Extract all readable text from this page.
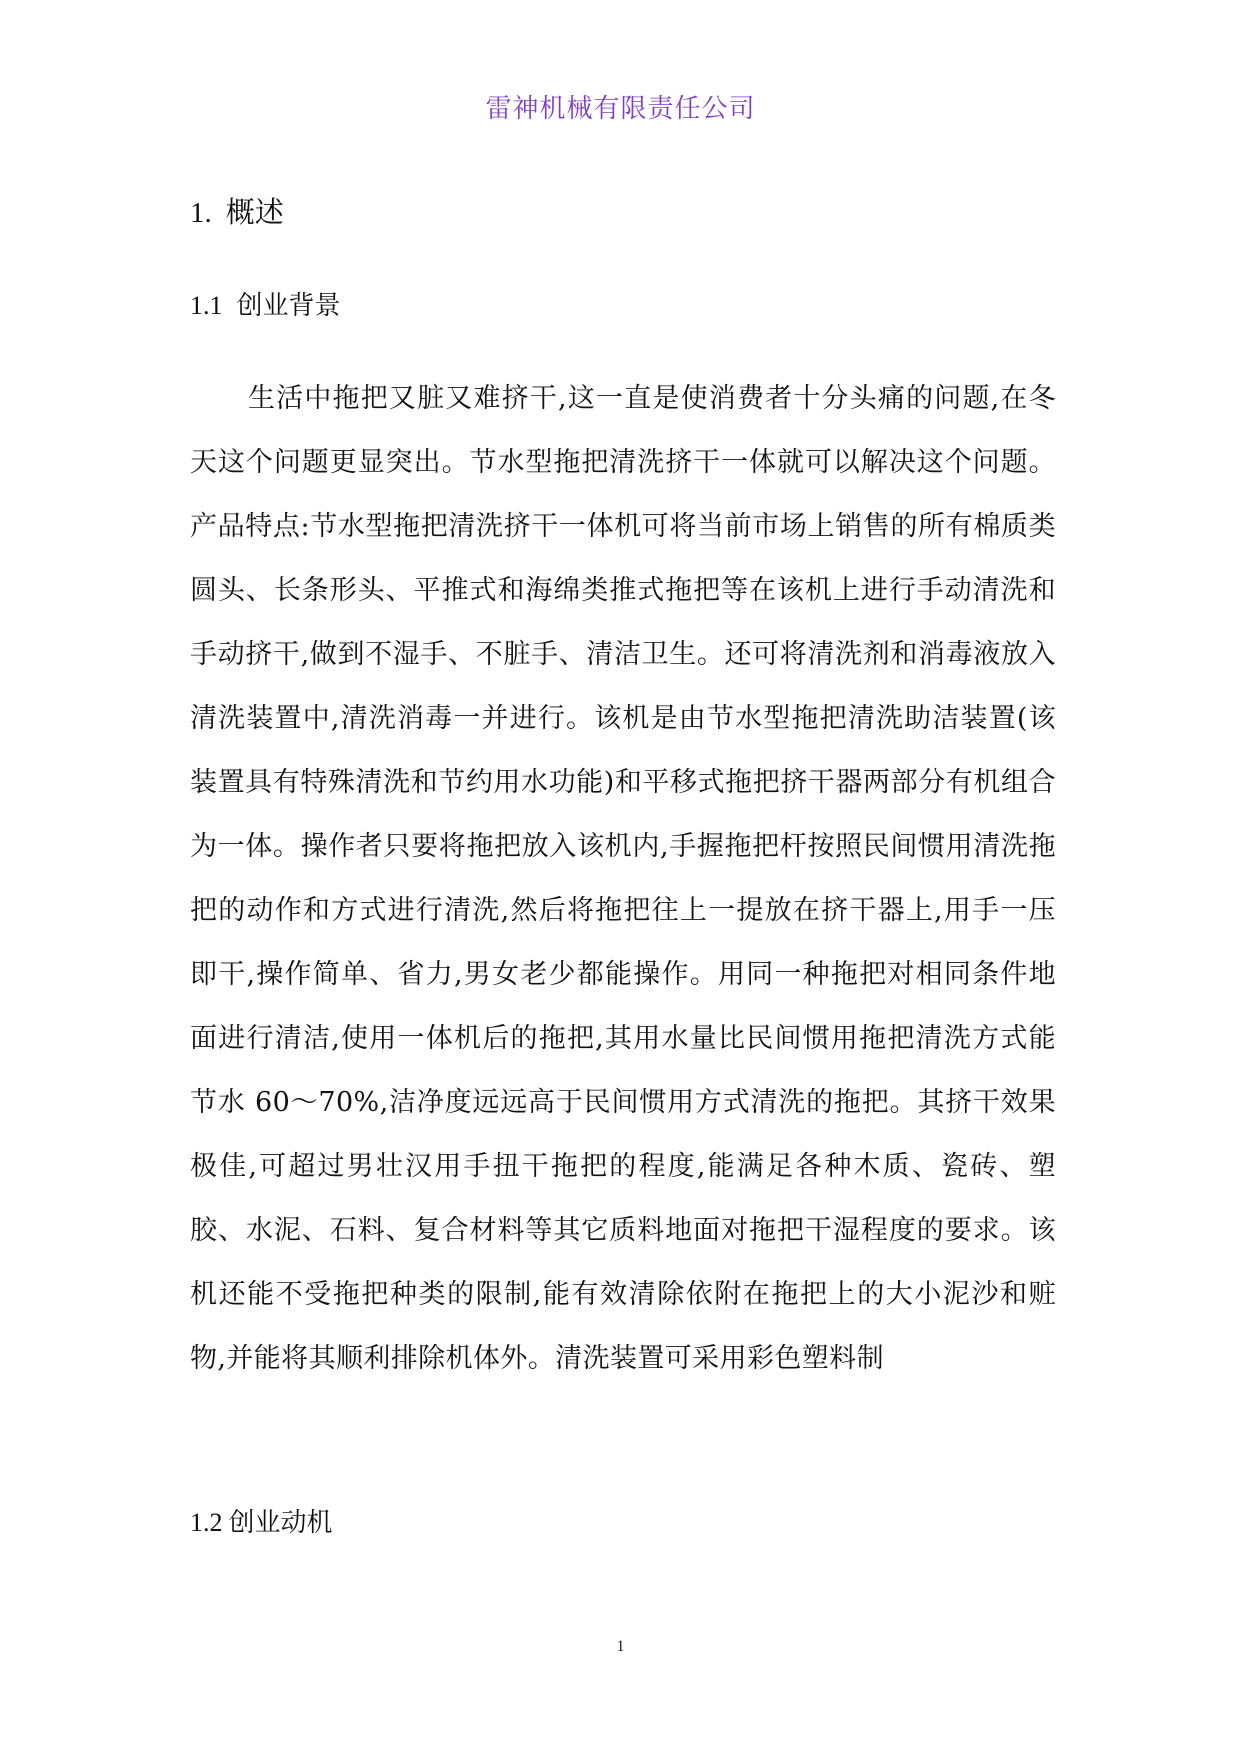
雷神机械有限责任公司
1. 概述
1.1 创业背景

生活中拖把又脏又难挤干,这一直是使消费者十分头痛的问题,在冬天这个问题更显突出。节水型拖把清洗挤干一体就可以解决这个问题。产品特点:节水型拖把清洗挤干一体机可将当前市场上销售的所有棉质类圆头、长条形头、平推式和海绵类推式拖把等在该机上进行手动清洗和手动挤干,做到不湿手、不脏手、清洁卫生。还可将清洗剂和消毒液放入清洗装置中,清洗消毒一并进行。该机是由节水型拖把清洗助洁装置(该装置具有特殊清洗和节约用水功能)和平移式拖把挤干器两部分有机组合为一体。操作者只要将拖把放入该机内,手握拖把杆按照民间惯用清洗拖把的动作和方式进行清洗,然后将拖把往上一提放在挤干器上,用手一压即干,操作简单、省力,男女老少都能操作。用同一种拖把对相同条件地面进行清洁,使用一体机后的拖把,其用水量比民间惯用拖把清洗方式能节水 60～70%,洁净度远远高于民间惯用方式清洗的拖把。其挤干效果极佳,可超过男壮汉用手扭干拖把的程度,能满足各种木质、瓷砖、塑胶、水泥、石料、复合材料等其它质料地面对拖把干湿程度的要求。该机还能不受拖把种类的限制,能有效清除依附在拖把上的大小泥沙和赃物,并能将其顺利排除机体外。清洗装置可采用彩色塑料制

1.2 创业动机
1
